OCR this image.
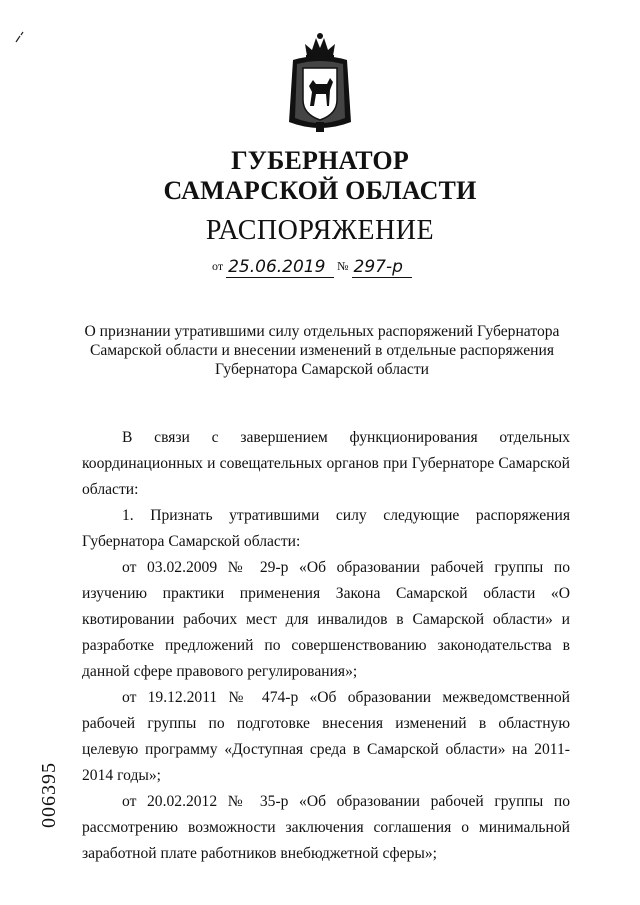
ГУБЕРНАТОР
САМАРСКОЙ ОБЛАСТИ
РАСПОРЯЖЕНИЕ
от 25.06.2019 № 297-р
О признании утратившими силу отдельных распоряжений Губернатора
Самарской области и внесении изменений в отдельные распоряжения
Губернатора Самарской области
В связи с завершением функционирования отдельных координационных и совещательных органов при Губернаторе Самарской области:
1. Признать утратившими силу следующие распоряжения Губернатора Самарской области:
от 03.02.2009 № 29-р «Об образовании рабочей группы по изучению практики применения Закона Самарской области «О квотировании рабочих мест для инвалидов в Самарской области» и разработке предложений по совершенствованию законодательства в данной сфере правового регулирования»;
от 19.12.2011 № 474-р «Об образовании межведомственной рабочей группы по подготовке внесения изменений в областную целевую программу «Доступная среда в Самарской области» на 2011-2014 годы»;
от 20.02.2012 № 35-р «Об образовании рабочей группы по рассмотрению возможности заключения соглашения о минимальной заработной плате работников внебюджетной сферы»;
006395
